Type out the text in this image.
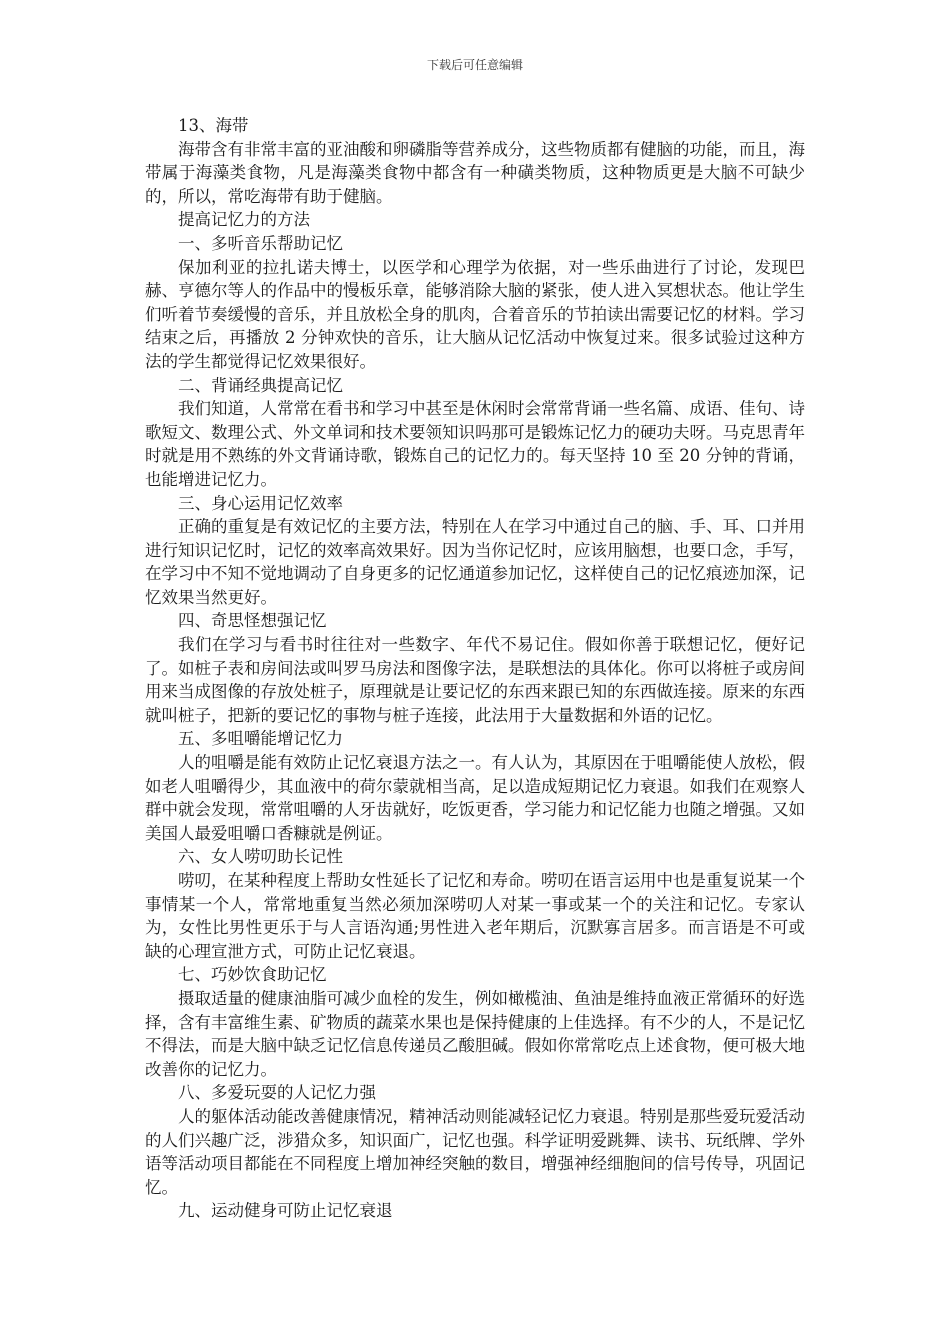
下载后可任意编辑

13、海带

海带含有非常丰富的亚油酸和卵磷脂等营养成分，这些物质都有健脑的功能，而且，海带属于海藻类食物，凡是海藻类食物中都含有一种磺类物质，这种物质更是大脑不可缺少的，所以，常吃海带有助于健脑。

提高记忆力的方法

一、多听音乐帮助记忆

保加利亚的拉扎诺夫博士，以医学和心理学为依据，对一些乐曲进行了讨论，发现巴赫、亨德尔等人的作品中的慢板乐章，能够消除大脑的紧张，使人进入冥想状态。他让学生们听着节奏缓慢的音乐，并且放松全身的肌肉，合着音乐的节拍读出需要记忆的材料。学习结束之后，再播放 2 分钟欢快的音乐，让大脑从记忆活动中恢复过来。很多试验过这种方法的学生都觉得记忆效果很好。

二、背诵经典提高记忆

我们知道，人常常在看书和学习中甚至是休闲时会常常背诵一些名篇、成语、佳句、诗歌短文、数理公式、外文单词和技术要领知识吗那可是锻炼记忆力的硬功夫呀。马克思青年时就是用不熟练的外文背诵诗歌，锻炼自己的记忆力的。每天坚持 10 至 20 分钟的背诵，也能增进记忆力。

三、身心运用记忆效率

正确的重复是有效记忆的主要方法，特别在人在学习中通过自己的脑、手、耳、口并用进行知识记忆时，记忆的效率高效果好。因为当你记忆时，应该用脑想，也要口念，手写，在学习中不知不觉地调动了自身更多的记忆通道参加记忆，这样使自己的记忆痕迹加深，记忆效果当然更好。

四、奇思怪想强记忆

我们在学习与看书时往往对一些数字、年代不易记住。假如你善于联想记忆，便好记了。如桩子表和房间法或叫罗马房法和图像字法，是联想法的具体化。你可以将桩子或房间用来当成图像的存放处桩子，原理就是让要记忆的东西来跟已知的东西做连接。原来的东西就叫桩子，把新的要记忆的事物与桩子连接，此法用于大量数据和外语的记忆。

五、多咀嚼能增记忆力

人的咀嚼是能有效防止记忆衰退方法之一。有人认为，其原因在于咀嚼能使人放松，假如老人咀嚼得少，其血液中的荷尔蒙就相当高，足以造成短期记忆力衰退。如我们在观察人群中就会发现，常常咀嚼的人牙齿就好，吃饭更香，学习能力和记忆能力也随之增强。又如美国人最爱咀嚼口香糠就是例证。

六、女人唠叨助长记性

唠叨，在某种程度上帮助女性延长了记忆和寿命。唠叨在语言运用中也是重复说某一个事情某一个人，常常地重复当然必须加深唠叨人对某一事或某一个的关注和记忆。专家认为，女性比男性更乐于与人言语沟通;男性进入老年期后，沉默寡言居多。而言语是不可或缺的心理宣泄方式，可防止记忆衰退。

七、巧妙饮食助记忆

摄取适量的健康油脂可减少血栓的发生，例如橄榄油、鱼油是维持血液正常循环的好选择，含有丰富维生素、矿物质的蔬菜水果也是保持健康的上佳选择。有不少的人，不是记忆不得法，而是大脑中缺乏记忆信息传递员乙酸胆碱。假如你常常吃点上述食物，便可极大地改善你的记忆力。

八、多爱玩耍的人记忆力强

人的躯体活动能改善健康情况，精神活动则能减轻记忆力衰退。特别是那些爱玩爱活动的人们兴趣广泛，涉猎众多，知识面广，记忆也强。科学证明爱跳舞、读书、玩纸牌、学外语等活动项目都能在不同程度上增加神经突触的数目，增强神经细胞间的信号传导，巩固记忆。

九、运动健身可防止记忆衰退
